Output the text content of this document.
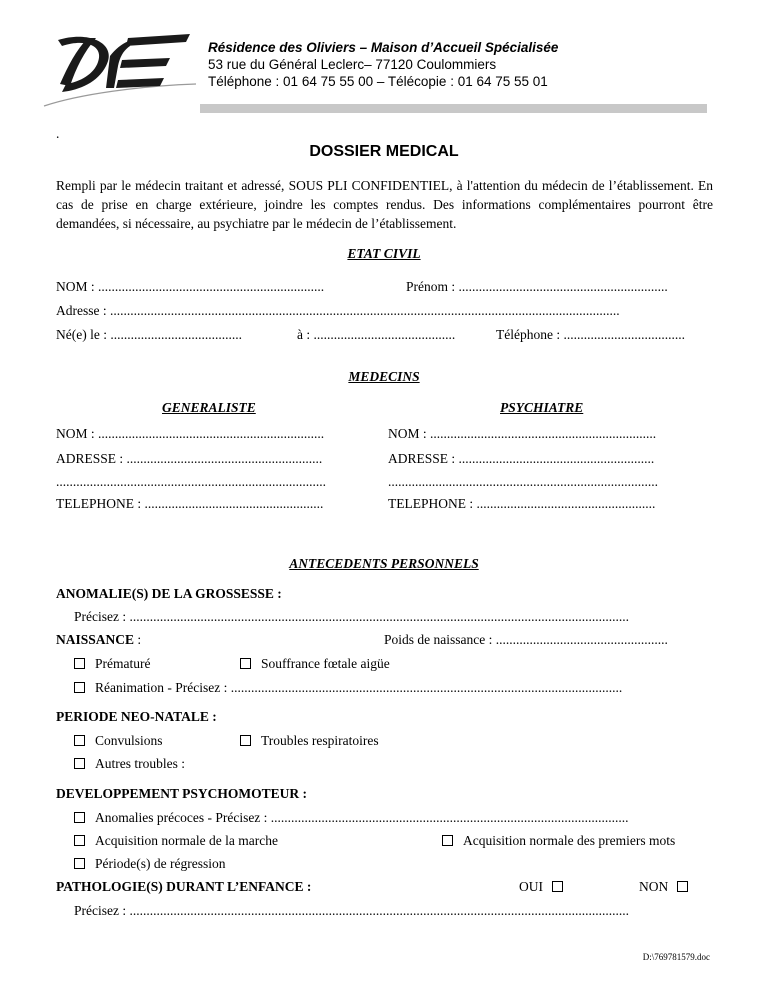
Résidence des Oliviers – Maison d’Accueil Spécialisée
53 rue du Général Leclerc– 77120 Coulommiers
Téléphone : 01 64 75 55 00 – Télécopie : 01 64 75 55 01
.
DOSSIER MEDICAL
Rempli par le médecin traitant et adressé, SOUS PLI CONFIDENTIEL, à l'attention du médecin de l’établissement. En cas de prise en charge extérieure, joindre les comptes rendus. Des informations complémentaires pourront être demandées, si nécessaire, au psychiatre par le médecin de l’établissement.
ETAT CIVIL
NOM : ...................................................................	Prénom : ..............................................................
Adresse : .......................................................................................................................................................
Né(e) le : .......................................	à : ..........................................	Téléphone : ....................................
MEDECINS
GENERALISTE	PSYCHIATRE
NOM : ...................................................................	NOM : ...................................................................
ADRESSE : ..........................................................	ADRESSE : ..........................................................
................................................................................	................................................................................
TELEPHONE : .....................................................	TELEPHONE : .....................................................
ANTECEDENTS PERSONNELS
ANOMALIE(S) DE LA GROSSESSE :
Précisez : ....................................................................................................................................................
NAISSANCE :	Poids de naissance : ...................................................
Prématuré	Souffrance fœtale aigüe
Réanimation - Précisez : ....................................................................................................................
PERIODE NEO-NATALE :
Convulsions	Troubles respiratoires
Autres troubles :
DEVELOPPEMENT PSYCHOMOTEUR :
Anomalies précoces - Précisez : ..........................................................................................................
Acquisition normale de la marche	Acquisition normale des premiers mots
Période(s) de régression
PATHOLOGIE(S) DURANT L’ENFANCE :	OUI	NON
Précisez : ....................................................................................................................................................
D:\769781579.doc
